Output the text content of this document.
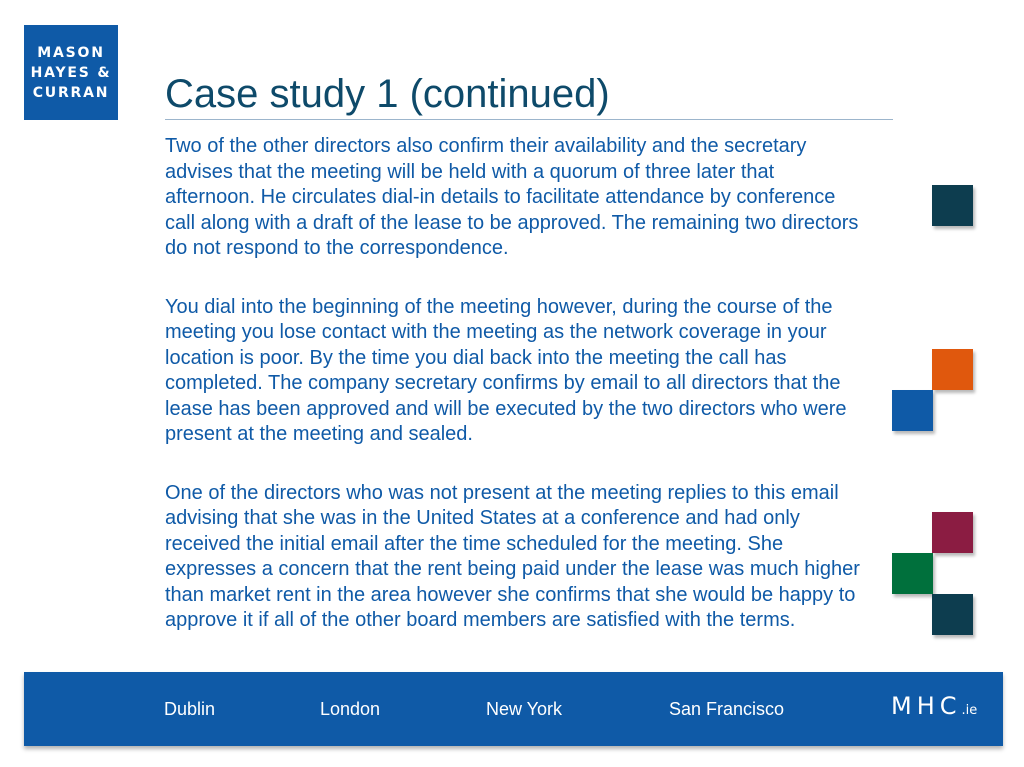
MASON
HAYES &
CURRAN Case study 1 (continued)

Two of the other directors also confirm their availability and the secretary advises that the meeting will be held with a quorum of three later that afternoon. He circulates dial-in details to facilitate attendance by conference call along with a draft of the lease to be approved. The remaining two directors do not respond to the correspondence.

You dial into the beginning of the meeting however, during the course of the meeting you lose contact with the meeting as the network coverage in your location is poor. By the time you dial back into the meeting the call has completed. The company secretary confirms by email to all directors that the lease has been approved and will be executed by the two directors who were present at the meeting and sealed.

One of the directors who was not present at the meeting replies to this email advising that she was in the United States at a conference and had only received the initial email after the time scheduled for the meeting. She expresses a concern that the rent being paid under the lease was much higher than market rent in the area however she confirms that she would be happy to approve it if all of the other board members are satisfied with the terms.

Dublin	London	New York	San Francisco	MHC.ie
